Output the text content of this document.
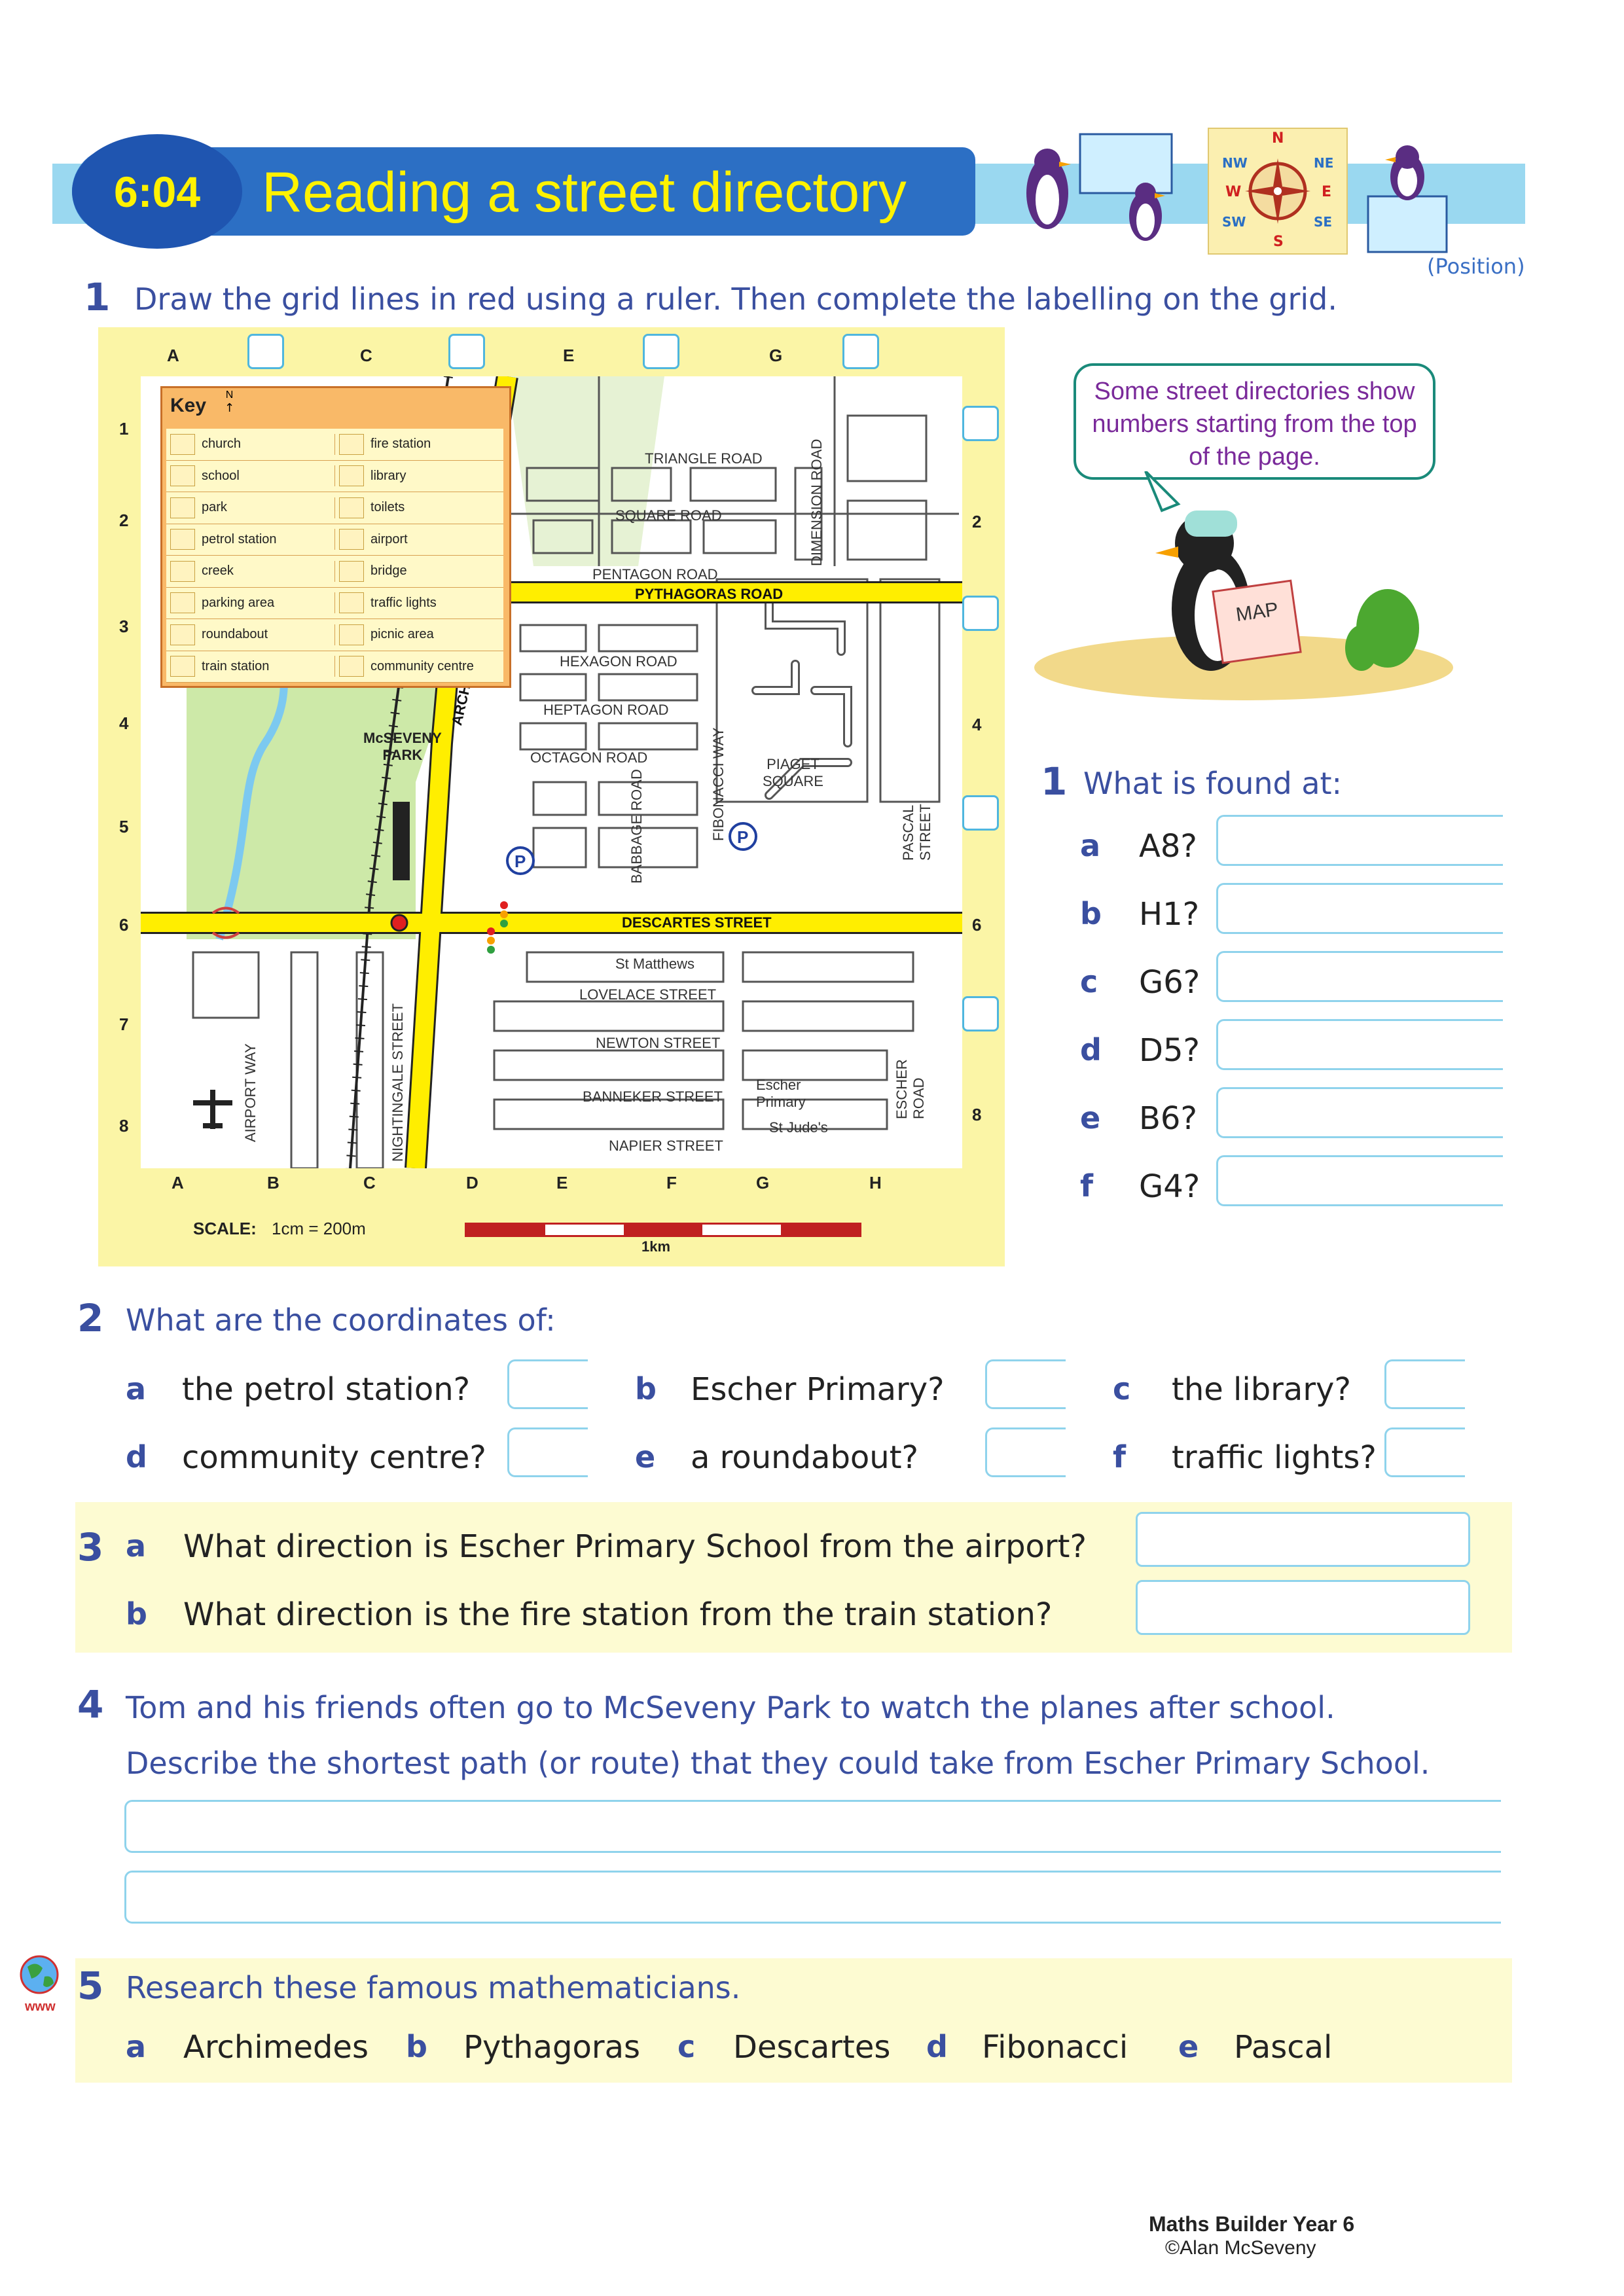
6:04	Reading a street directory
N
S
W	E
NW	NE
SW	SE
(Position)
1 Draw the grid lines in red using a ruler. Then complete the labelling on the grid.
P
P
TRIANGLE ROAD
SQUARE ROAD
PENTAGON ROAD
PYTHAGORAS ROAD
HEXAGON ROAD
HEPTAGON ROAD
OCTAGON ROAD
DIMENSION ROAD
FIBONACCI WAY
BABBAGE ROAD	PASCAL STREET
DESCARTES STREET
LOVELACE STREET
NEWTON STREET
BANNEKER STREET
NAPIER STREET
ESCHER ROAD
NIGHTINGALE STREET
AIRPORT WAY
McSEVENY
PARK
PIAGET
SQUARE
St Matthews
Escher
Primary
St Jude's
Key N
↑
church	fire station
school	library
park	toilets
petrol station	airport
creek	bridge
parking area	traffic lights
roundabout	picnic area
train station	community centre
A	C	E	G
1
2
3
4
5
6
7
8
2
4
6
8
A	B	C	D	E	F	G	H
SCALE: 1cm = 200m
1km
Some street directories show numbers starting from the top of the page.
MAP
1 What is found at:
a A8?
b H1?
c G6?
d D5?
e B6?
f G4?
2 What are the coordinates of:
a the petrol station?	b Escher Primary?	c the library?
d community centre?	e a roundabout?	f traffic lights?
3 a What direction is Escher Primary School from the airport?
b What direction is the fire station from the train station?
4 Tom and his friends often go to McSeveny Park to watch the planes after school.
Describe the shortest path (or route) that they could take from Escher Primary School.
www 5 Research these famous mathematicians.
a Archimedes b Pythagoras c Descartes d Fibonacci e Pascal
Maths Builder Year 6
©Alan McSeveny
